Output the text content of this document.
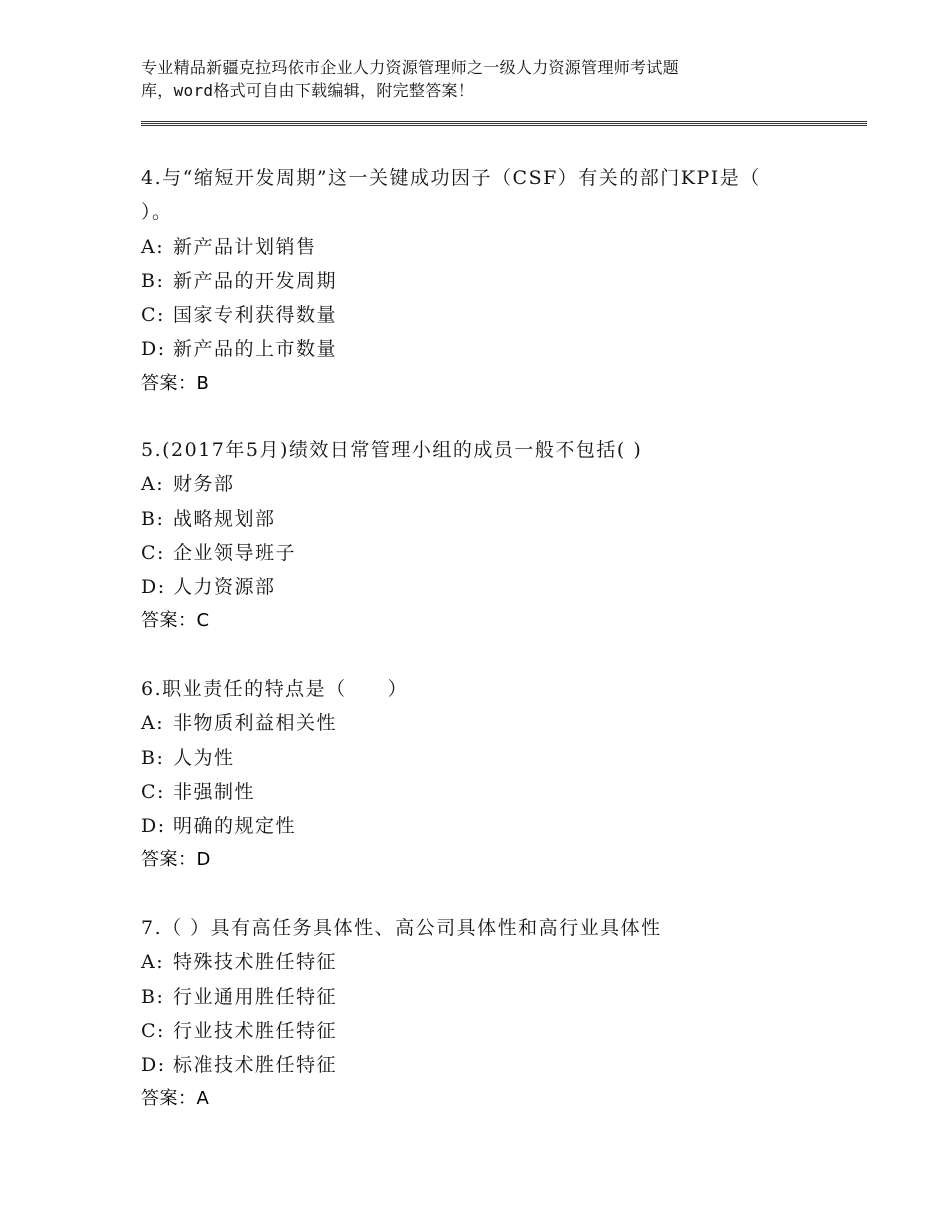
专业精品新疆克拉玛依市企业人力资源管理师之一级人力资源管理师考试题
库，word格式可自由下载编辑，附完整答案！
4.与“缩短开发周期”这一关键成功因子（CSF）有关的部门KPI是（
）。
A: 新产品计划销售
B: 新产品的开发周期
C: 国家专利获得数量
D: 新产品的上市数量
答案：B
5.(2017年5月)绩效日常管理小组的成员一般不包括( )
A: 财务部
B: 战略规划部
C: 企业领导班子
D: 人力资源部
答案：C
6.职业责任的特点是（　　）
A: 非物质利益相关性
B: 人为性
C: 非强制性
D: 明确的规定性
答案：D
7.（ ）具有高任务具体性、高公司具体性和高行业具体性
A: 特殊技术胜任特征
B: 行业通用胜任特征
C: 行业技术胜任特征
D: 标准技术胜任特征
答案：A
